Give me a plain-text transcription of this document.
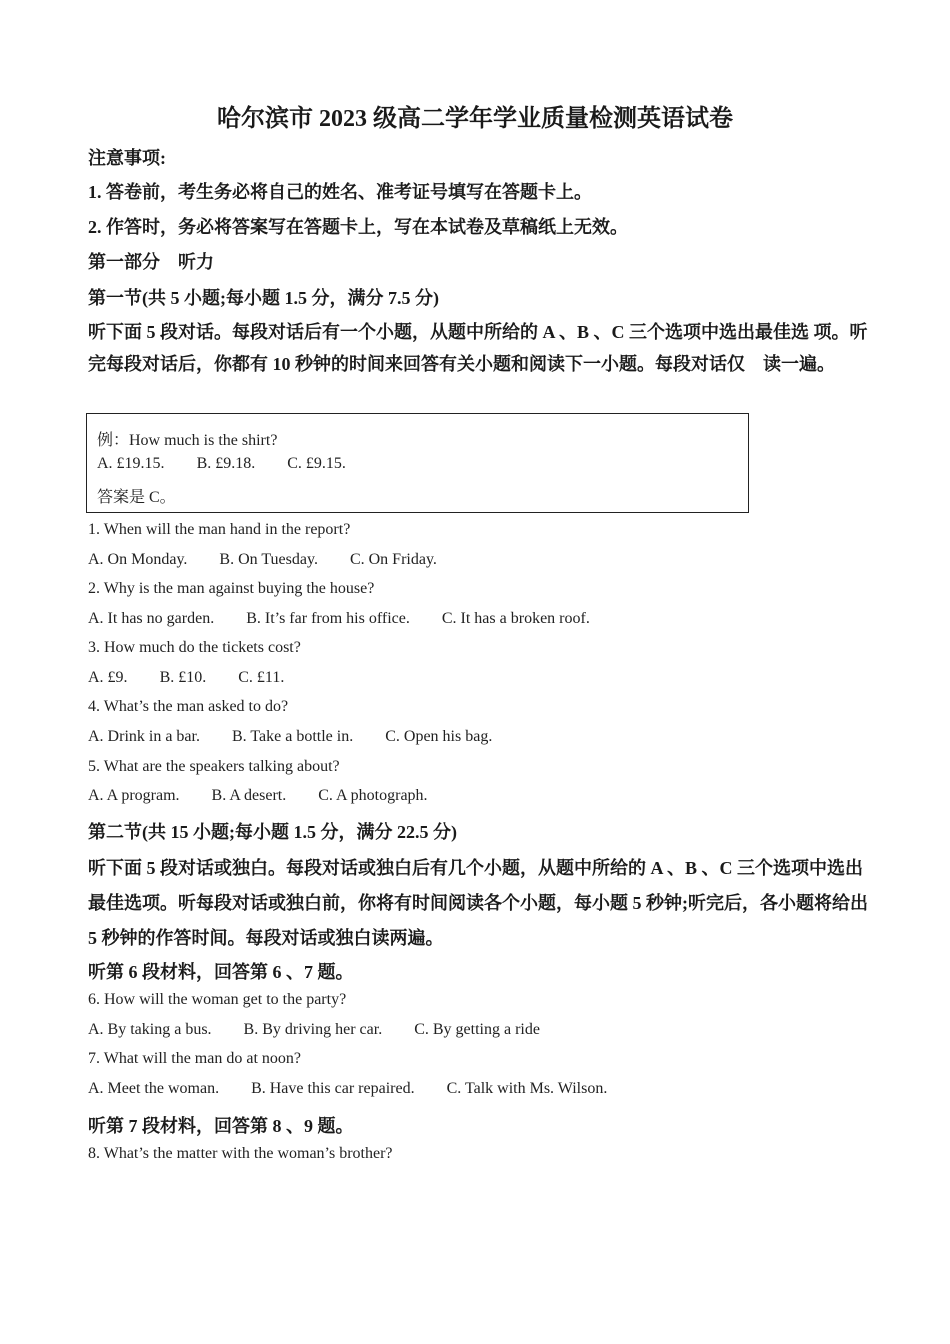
哈尔滨市 2023 级高二学年学业质量检测英语试卷
注意事项:
1. 答卷前，考生务必将自己的姓名、准考证号填写在答题卡上。
2. 作答时，务必将答案写在答题卡上，写在本试卷及草稿纸上无效。
第一部分　听力
第一节(共 5 小题;每小题 1.5 分，满分 7.5 分)
听下面 5 段对话。每段对话后有一个小题，从题中所给的 A 、B 、C 三个选项中选出最佳选 项。听完每段对话后，你都有 10 秒钟的时间来回答有关小题和阅读下一小题。每段对话仅　读一遍。
例：How much is the shirt?
A. £19.15. B. £9.18. C. £9.15.
答案是 C。
1. When will the man hand in the report?
A. On Monday. B. On Tuesday. C. On Friday.
2. Why is the man against buying the house?
A. It has no garden. B. It’s far from his office. C. It has a broken roof.
3. How much do the tickets cost?
A. £9. B. £10. C. £11.
4. What’s the man asked to do?
A. Drink in a bar. B. Take a bottle in. C. Open his bag.
5. What are the speakers talking about?
A. A program. B. A desert. C. A photograph.
第二节(共 15 小题;每小题 1.5 分，满分 22.5 分)
听下面 5 段对话或独白。每段对话或独白后有几个小题，从题中所给的 A 、B 、C 三个选项中选出最佳选项。听每段对话或独白前，你将有时间阅读各个小题，每小题 5 秒钟;听完后，各小题将给出 5 秒钟的作答时间。每段对话或独白读两遍。
听第 6 段材料，回答第 6 、7 题。
6. How will the woman get to the party?
A. By taking a bus. B. By driving her car. C. By getting a ride
7. What will the man do at noon?
A. Meet the woman. B. Have this car repaired. C. Talk with Ms. Wilson.
听第 7 段材料，回答第 8 、9 题。
8. What’s the matter with the woman’s brother?
